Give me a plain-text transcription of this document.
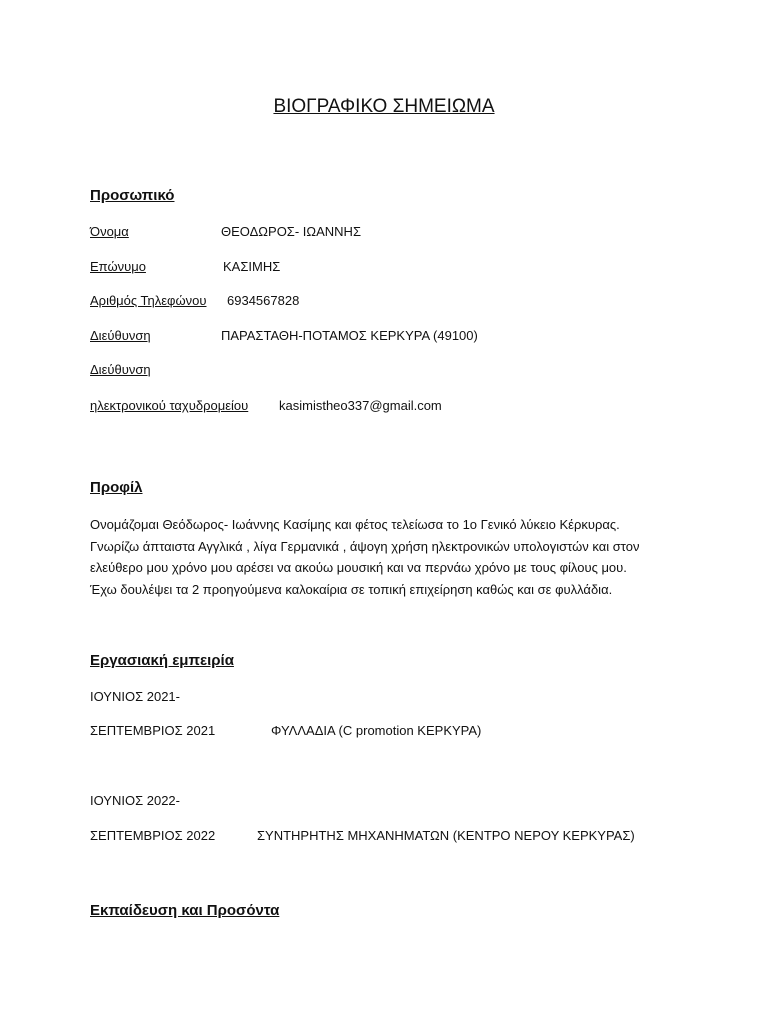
ΒΙΟΓΡΑΦΙΚΟ ΣΗΜΕΙΩΜΑ
Προσωπικό
Όνομα	ΘΕΟΔΩΡΟΣ- ΙΩΑΝΝΗΣ
Επώνυμο	ΚΑΣΙΜΗΣ
Αριθμός Τηλεφώνου 6934567828
Διεύθυνση	ΠΑΡΑΣΤΑΘΗ-ΠΟΤΑΜΟΣ ΚΕΡΚΥΡΑ (49100)
Διεύθυνση
ηλεκτρονικού ταχυδρομείου kasimistheo337@gmail.com
Προφίλ
Ονομάζομαι Θεόδωρος- Ιωάννης Κασίμης και φέτος τελείωσα το 1ο Γενικό λύκειο Κέρκυρας.
Γνωρίζω άπταιστα Αγγλικά , λίγα Γερμανικά , άψογη χρήση ηλεκτρονικών υπολογιστών και στον
ελεύθερο μου χρόνο μου αρέσει να ακούω μουσική και να περνάω χρόνο με τους φίλους μου.
Έχω δουλέψει τα 2 προηγούμενα καλοκαίρια σε τοπική επιχείρηση καθώς και σε φυλλάδια.
Εργασιακή εμπειρία
ΙΟΥΝΙΟΣ 2021-
ΣΕΠΤΕΜΒΡΙΟΣ 2021	ΦΥΛΛΑΔΙΑ (C promotion ΚΕΡΚΥΡΑ)
ΙΟΥΝΙΟΣ 2022-
ΣΕΠΤΕΜΒΡΙΟΣ 2022	ΣΥΝΤΗΡΗΤΗΣ ΜΗΧΑΝΗΜΑΤΩΝ (ΚΕΝΤΡΟ ΝΕΡΟΥ ΚΕΡΚΥΡΑΣ)
Εκπαίδευση και Προσόντα
